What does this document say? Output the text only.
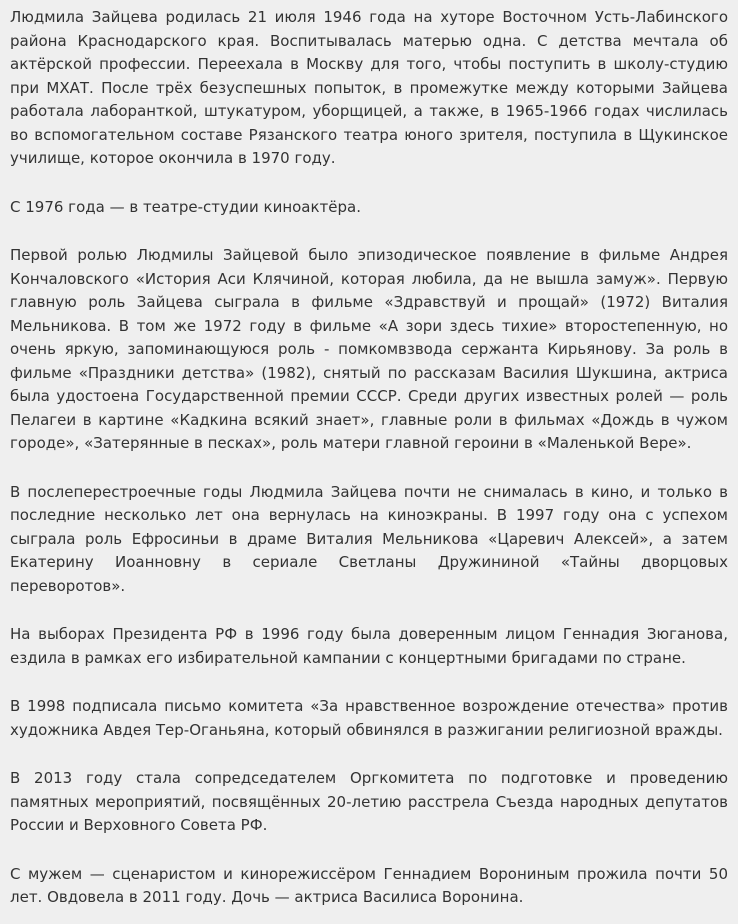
Людмила Зайцева родилась 21 июля 1946 года на хуторе Восточном Усть-Лабинского района Краснодарского края. Воспитывалась матерью одна. С детства мечтала об актёрской профессии. Переехала в Москву для того, чтобы поступить в школу-студию при МХАТ. После трёх безуспешных попыток, в промежутке между которыми Зайцева работала лаборанткой, штукатуром, уборщицей, а также, в 1965-1966 годах числилась во вспомогательном составе Рязанского театра юного зрителя, поступила в Щукинское училище, которое окончила в 1970 году.

С 1976 года — в театре-студии киноактёра.

Первой ролью Людмилы Зайцевой было эпизодическое появление в фильме Андрея Кончаловского «История Аси Клячиной, которая любила, да не вышла замуж». Первую главную роль Зайцева сыграла в фильме «Здравствуй и прощай» (1972) Виталия Мельникова. В том же 1972 году в фильме «А зори здесь тихие» второстепенную, но очень яркую, запоминающуюся роль - помкомвзвода сержанта Кирьянову. За роль в фильме «Праздники детства» (1982), снятый по рассказам Василия Шукшина, актриса была удостоена Государственной премии СССР. Среди других известных ролей — роль Пелагеи в картине «Кадкина всякий знает», главные роли в фильмах «Дождь в чужом городе», «Затерянные в песках», роль матери главной героини в «Маленькой Вере».

В послеперестроечные годы Людмила Зайцева почти не снималась в кино, и только в последние несколько лет она вернулась на киноэкраны. В 1997 году она с успехом сыграла роль Ефросиньи в драме Виталия Мельникова «Царевич Алексей», а затем Екатерину Иоанновну в сериале Светланы Дружининой «Тайны дворцовых переворотов».

На выборах Президента РФ в 1996 году была доверенным лицом Геннадия Зюганова, ездила в рамках его избирательной кампании с концертными бригадами по стране.

В 1998 подписала письмо комитета «За нравственное возрождение отечества» против художника Авдея Тер-Оганьяна, который обвинялся в разжигании религиозной вражды.

В 2013 году стала сопредседателем Оргкомитета по подготовке и проведению памятных мероприятий, посвящённых 20-летию расстрела Съезда народных депутатов России и Верховного Совета РФ.

С мужем — сценаристом и кинорежиссёром Геннадием Ворониным прожила почти 50 лет. Овдовела в 2011 году. Дочь — актриса Василиса Воронина.
